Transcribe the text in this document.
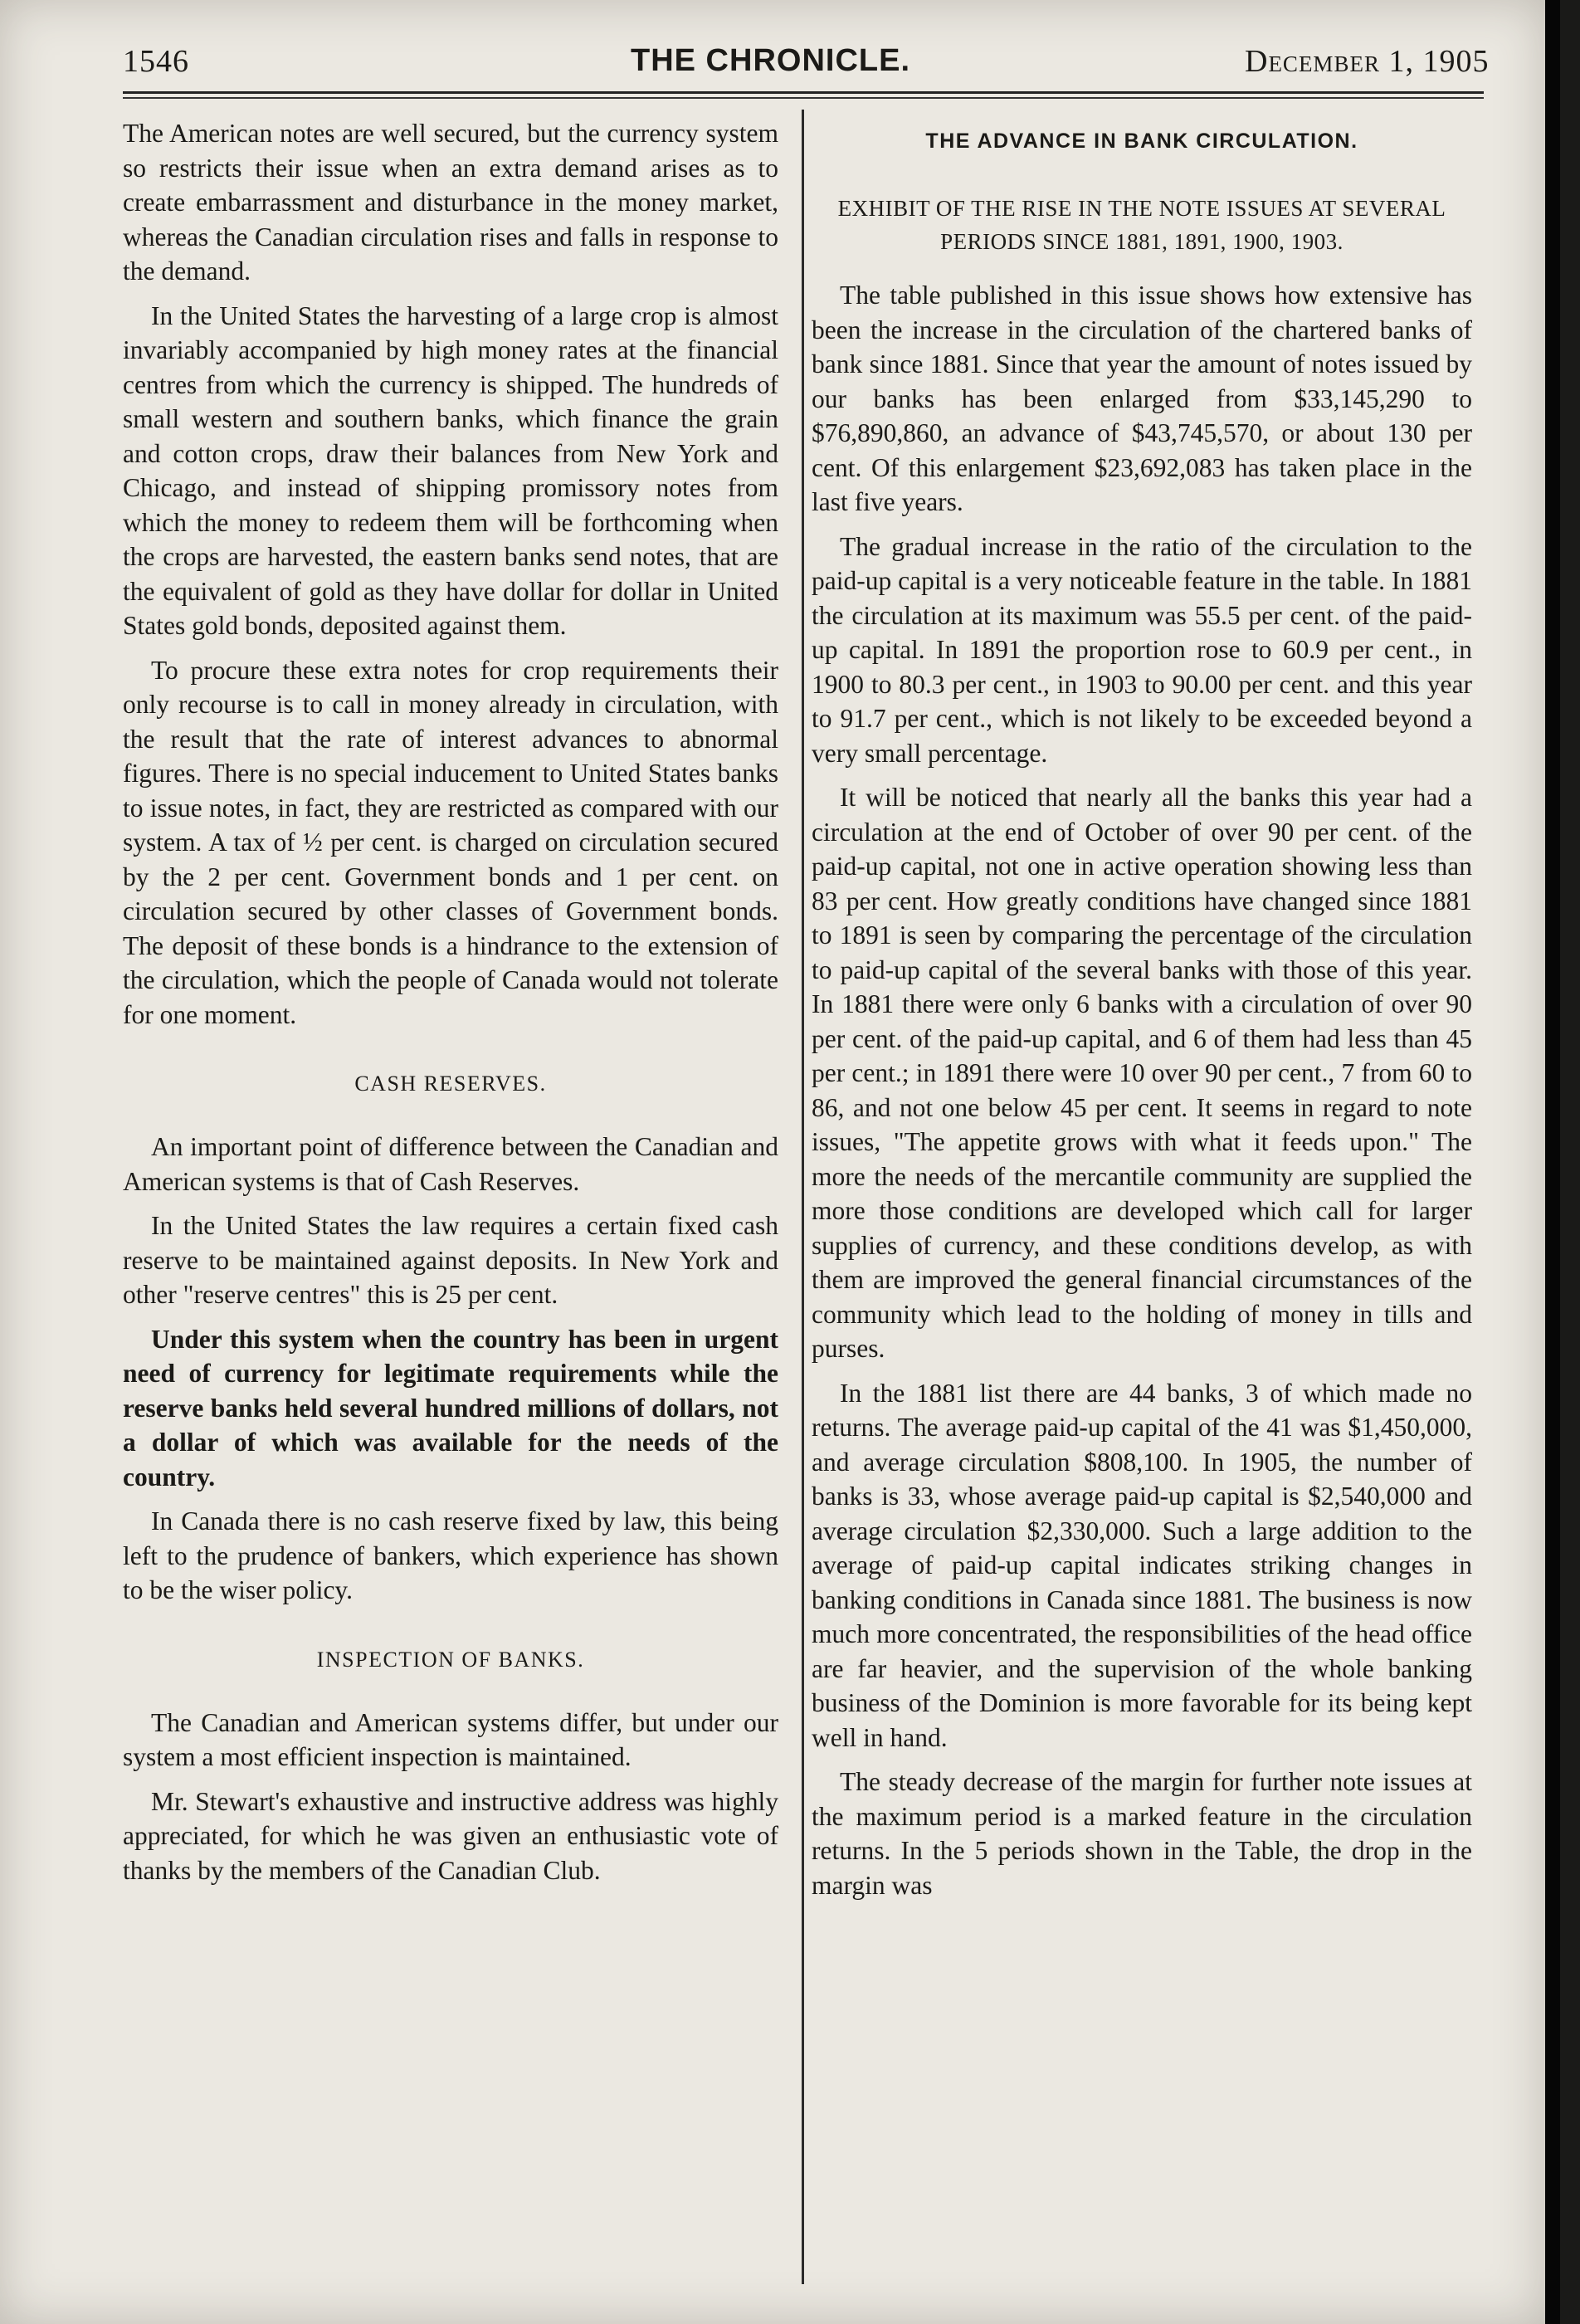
1546	THE CHRONICLE.	December 1, 1905

The American notes are well secured, but the currency system so restricts their issue when an extra demand arises as to create embarrassment and disturbance in the money market, whereas the Canadian circulation rises and falls in response to the demand.

In the United States the harvesting of a large crop is almost invariably accompanied by high money rates at the financial centres from which the currency is shipped. The hundreds of small western and southern banks, which finance the grain and cotton crops, draw their balances from New York and Chicago, and instead of shipping promissory notes from which the money to redeem them will be forthcoming when the crops are harvested, the eastern banks send notes, that are the equivalent of gold as they have dollar for dollar in United States gold bonds, deposited against them.

To procure these extra notes for crop requirements their only recourse is to call in money already in circulation, with the result that the rate of interest advances to abnormal figures. There is no special inducement to United States banks to issue notes, in fact, they are restricted as compared with our system. A tax of ½ per cent. is charged on circulation secured by the 2 per cent. Government bonds and 1 per cent. on circulation secured by other classes of Government bonds. The deposit of these bonds is a hindrance to the extension of the circulation, which the people of Canada would not tolerate for one moment.

CASH RESERVES.

An important point of difference between the Canadian and American systems is that of Cash Reserves.

In the United States the law requires a certain fixed cash reserve to be maintained against deposits. In New York and other "reserve centres" this is 25 per cent.

Under this system when the country has been in urgent need of currency for legitimate requirements while the reserve banks held several hundred millions of dollars, not a dollar of which was available for the needs of the country.

In Canada there is no cash reserve fixed by law, this being left to the prudence of bankers, which experience has shown to be the wiser policy.

INSPECTION OF BANKS.

The Canadian and American systems differ, but under our system a most efficient inspection is maintained.

Mr. Stewart's exhaustive and instructive address was highly appreciated, for which he was given an enthusiastic vote of thanks by the members of the Canadian Club.

THE ADVANCE IN BANK CIRCULATION.
EXHIBIT OF THE RISE IN THE NOTE ISSUES AT SEVERAL PERIODS SINCE 1881, 1891, 1900, 1903.

The table published in this issue shows how extensive has been the increase in the circulation of the chartered banks of bank since 1881. Since that year the amount of notes issued by our banks has been enlarged from $33,145,290 to $76,890,860, an advance of $43,745,570, or about 130 per cent. Of this enlargement $23,692,083 has taken place in the last five years.

The gradual increase in the ratio of the circulation to the paid-up capital is a very noticeable feature in the table. In 1881 the circulation at its maximum was 55.5 per cent. of the paid-up capital. In 1891 the proportion rose to 60.9 per cent., in 1900 to 80.3 per cent., in 1903 to 90.00 per cent. and this year to 91.7 per cent., which is not likely to be exceeded beyond a very small percentage.

It will be noticed that nearly all the banks this year had a circulation at the end of October of over 90 per cent. of the paid-up capital, not one in active operation showing less than 83 per cent. How greatly conditions have changed since 1881 to 1891 is seen by comparing the percentage of the circulation to paid-up capital of the several banks with those of this year. In 1881 there were only 6 banks with a circulation of over 90 per cent. of the paid-up capital, and 6 of them had less than 45 per cent.; in 1891 there were 10 over 90 per cent., 7 from 60 to 86, and not one below 45 per cent. It seems in regard to note issues, "The appetite grows with what it feeds upon." The more the needs of the mercantile community are supplied the more those conditions are developed which call for larger supplies of currency, and these conditions develop, as with them are improved the general financial circumstances of the community which lead to the holding of money in tills and purses.

In the 1881 list there are 44 banks, 3 of which made no returns. The average paid-up capital of the 41 was $1,450,000, and average circulation $808,100. In 1905, the number of banks is 33, whose average paid-up capital is $2,540,000 and average circulation $2,330,000. Such a large addition to the average of paid-up capital indicates striking changes in banking conditions in Canada since 1881. The business is now much more concentrated, the responsibilities of the head office are far heavier, and the supervision of the whole banking business of the Dominion is more favorable for its being kept well in hand.

The steady decrease of the margin for further note issues at the maximum period is a marked feature in the circulation returns. In the 5 periods shown in the Table, the drop in the margin was
